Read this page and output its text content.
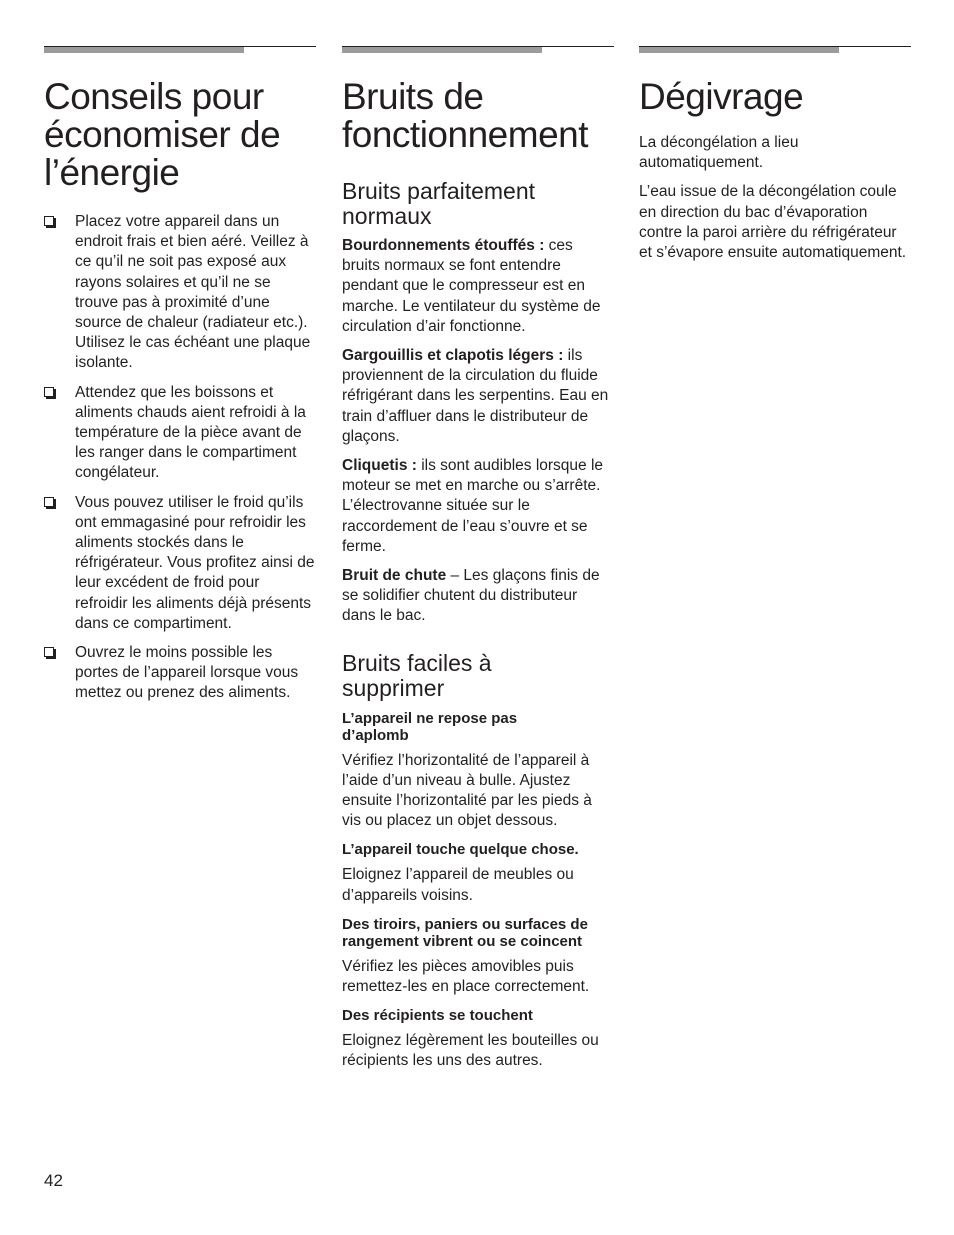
Conseils pour économiser de l’énergie
Placez votre appareil dans un endroit frais et bien aéré. Veillez à ce qu’il ne soit pas exposé aux rayons solaires et qu’il ne se trouve pas à proximité d’une source de chaleur (radiateur etc.). Utilisez le cas échéant une plaque isolante.
Attendez que les boissons et aliments chauds aient refroidi à la température de la pièce avant de les ranger dans le compartiment congélateur.
Vous pouvez utiliser le froid qu’ils ont emmagasiné pour refroidir les aliments stockés dans le réfrigérateur. Vous profitez ainsi de leur excédent de froid pour refroidir les aliments déjà présents dans ce compartiment.
Ouvrez le moins possible les portes de l’appareil lorsque vous mettez ou prenez des aliments.
Bruits de fonctionnement
Bruits parfaitement normaux

Bourdonnements étouffés : ces bruits normaux se font entendre pendant que le compresseur est en marche. Le ventilateur du système de circulation d’air fonctionne.

Gargouillis et clapotis légers : ils proviennent de la circulation du fluide réfrigérant dans les serpentins. Eau en train d’affluer dans le distributeur de glaçons.

Cliquetis : ils sont audibles lorsque le moteur se met en marche ou s’arrête. L’électrovanne située sur le raccordement de l’eau s’ouvre et se ferme.

Bruit de chute – Les glaçons finis de se solidifier chutent du distributeur dans le bac.

Bruits faciles à supprimer
L’appareil ne repose pas d’aplomb

Vérifiez l’horizontalité de l’appareil à l’aide d’un niveau à bulle. Ajustez ensuite l’horizontalité par les pieds à vis ou placez un objet dessous.

L’appareil touche quelque chose.

Eloignez l’appareil de meubles ou d’appareils voisins.

Des tiroirs, paniers ou surfaces de rangement vibrent ou se coincent

Vérifiez les pièces amovibles puis remettez-les en place correctement.

Des récipients se touchent

Eloignez légèrement les bouteilles ou récipients les uns des autres.

Dégivrage

La décongélation a lieu automatiquement.

L’eau issue de la décongélation coule en direction du bac d’évaporation contre la paroi arrière du réfrigérateur et s’évapore ensuite automatiquement.

42
